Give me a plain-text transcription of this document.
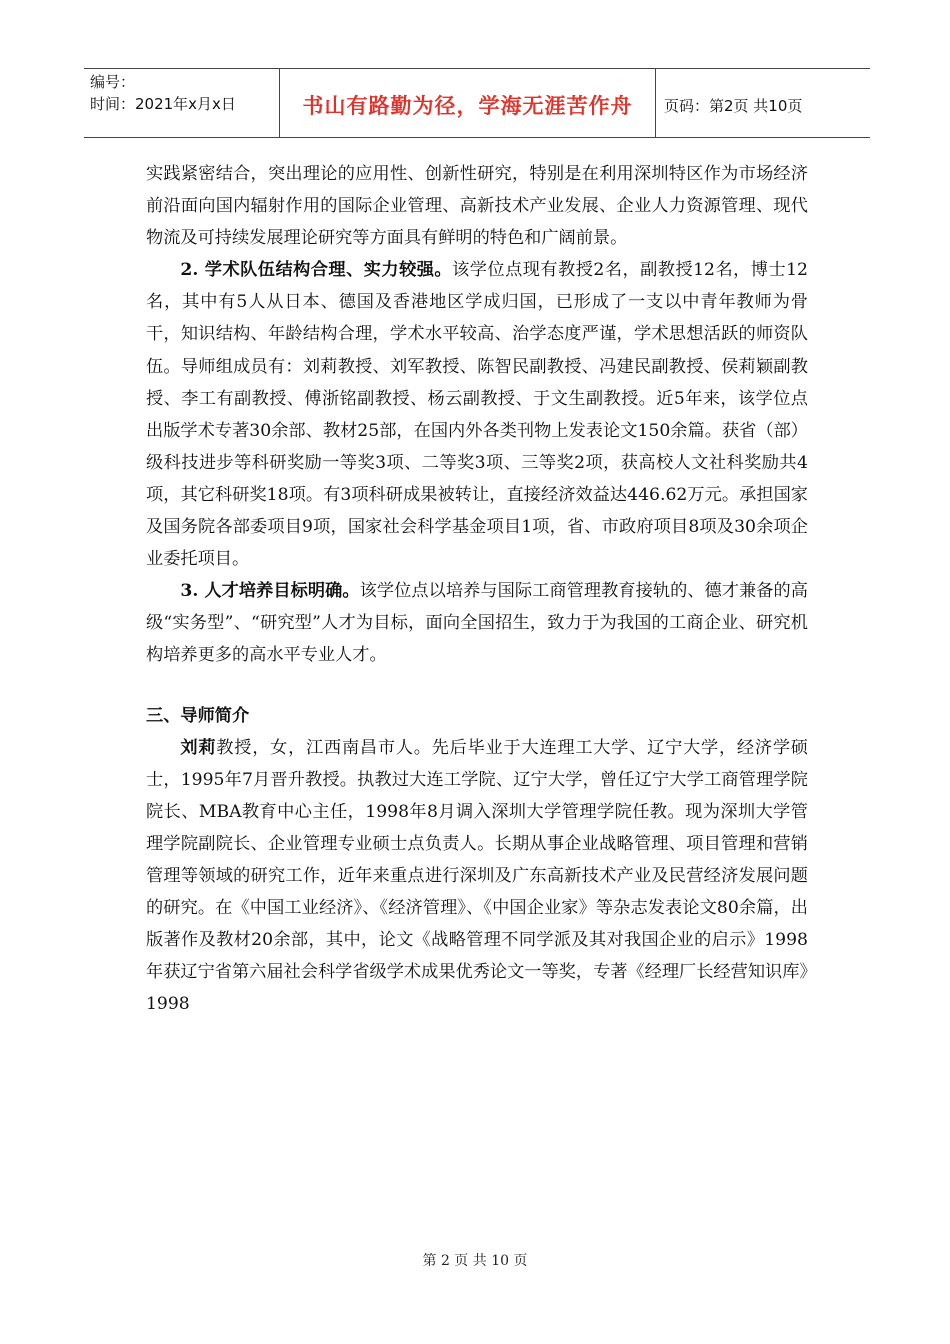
编号：
时间：2021年x月x日	书山有路勤为径，学海无涯苦作舟	页码：第2页 共10页

实践紧密结合，突出理论的应用性、创新性研究，特别是在利用深圳特区作为市场经济前沿面向国内辐射作用的国际企业管理、高新技术产业发展、企业人力资源管理、现代物流及可持续发展理论研究等方面具有鲜明的特色和广阔前景。

2. 学术队伍结构合理、实力较强。该学位点现有教授2名，副教授12名，博士12名，其中有5人从日本、德国及香港地区学成归国，已形成了一支以中青年教师为骨干，知识结构、年龄结构合理，学术水平较高、治学态度严谨，学术思想活跃的师资队伍。导师组成员有：刘莉教授、刘军教授、陈智民副教授、冯建民副教授、侯莉颖副教授、李工有副教授、傅浙铭副教授、杨云副教授、于文生副教授。近5年来，该学位点出版学术专著30余部、教材25部，在国内外各类刊物上发表论文150余篇。获省（部）级科技进步等科研奖励一等奖3项、二等奖3项、三等奖2项，获高校人文社科奖励共4项，其它科研奖18项。有3项科研成果被转让，直接经济效益达446.62万元。承担国家及国务院各部委项目9项，国家社会科学基金项目1项，省、市政府项目8项及30余项企业委托项目。

3. 人才培养目标明确。该学位点以培养与国际工商管理教育接轨的、德才兼备的高级“实务型”、“研究型”人才为目标，面向全国招生，致力于为我国的工商企业、研究机构培养更多的高水平专业人才。

三、导师简介

刘莉教授，女，江西南昌市人。先后毕业于大连理工大学、辽宁大学，经济学硕士，1995年7月晋升教授。执教过大连工学院、辽宁大学，曾任辽宁大学工商管理学院院长、MBA教育中心主任，1998年8月调入深圳大学管理学院任教。现为深圳大学管理学院副院长、企业管理专业硕士点负责人。长期从事企业战略管理、项目管理和营销管理等领域的研究工作，近年来重点进行深圳及广东高新技术产业及民营经济发展问题的研究。在《中国工业经济》、《经济管理》、《中国企业家》等杂志发表论文80余篇，出版著作及教材20余部，其中，论文《战略管理不同学派及其对我国企业的启示》1998年获辽宁省第六届社会科学省级学术成果优秀论文一等奖，专著《经理厂长经营知识库》1998

第 2 页 共 10 页
